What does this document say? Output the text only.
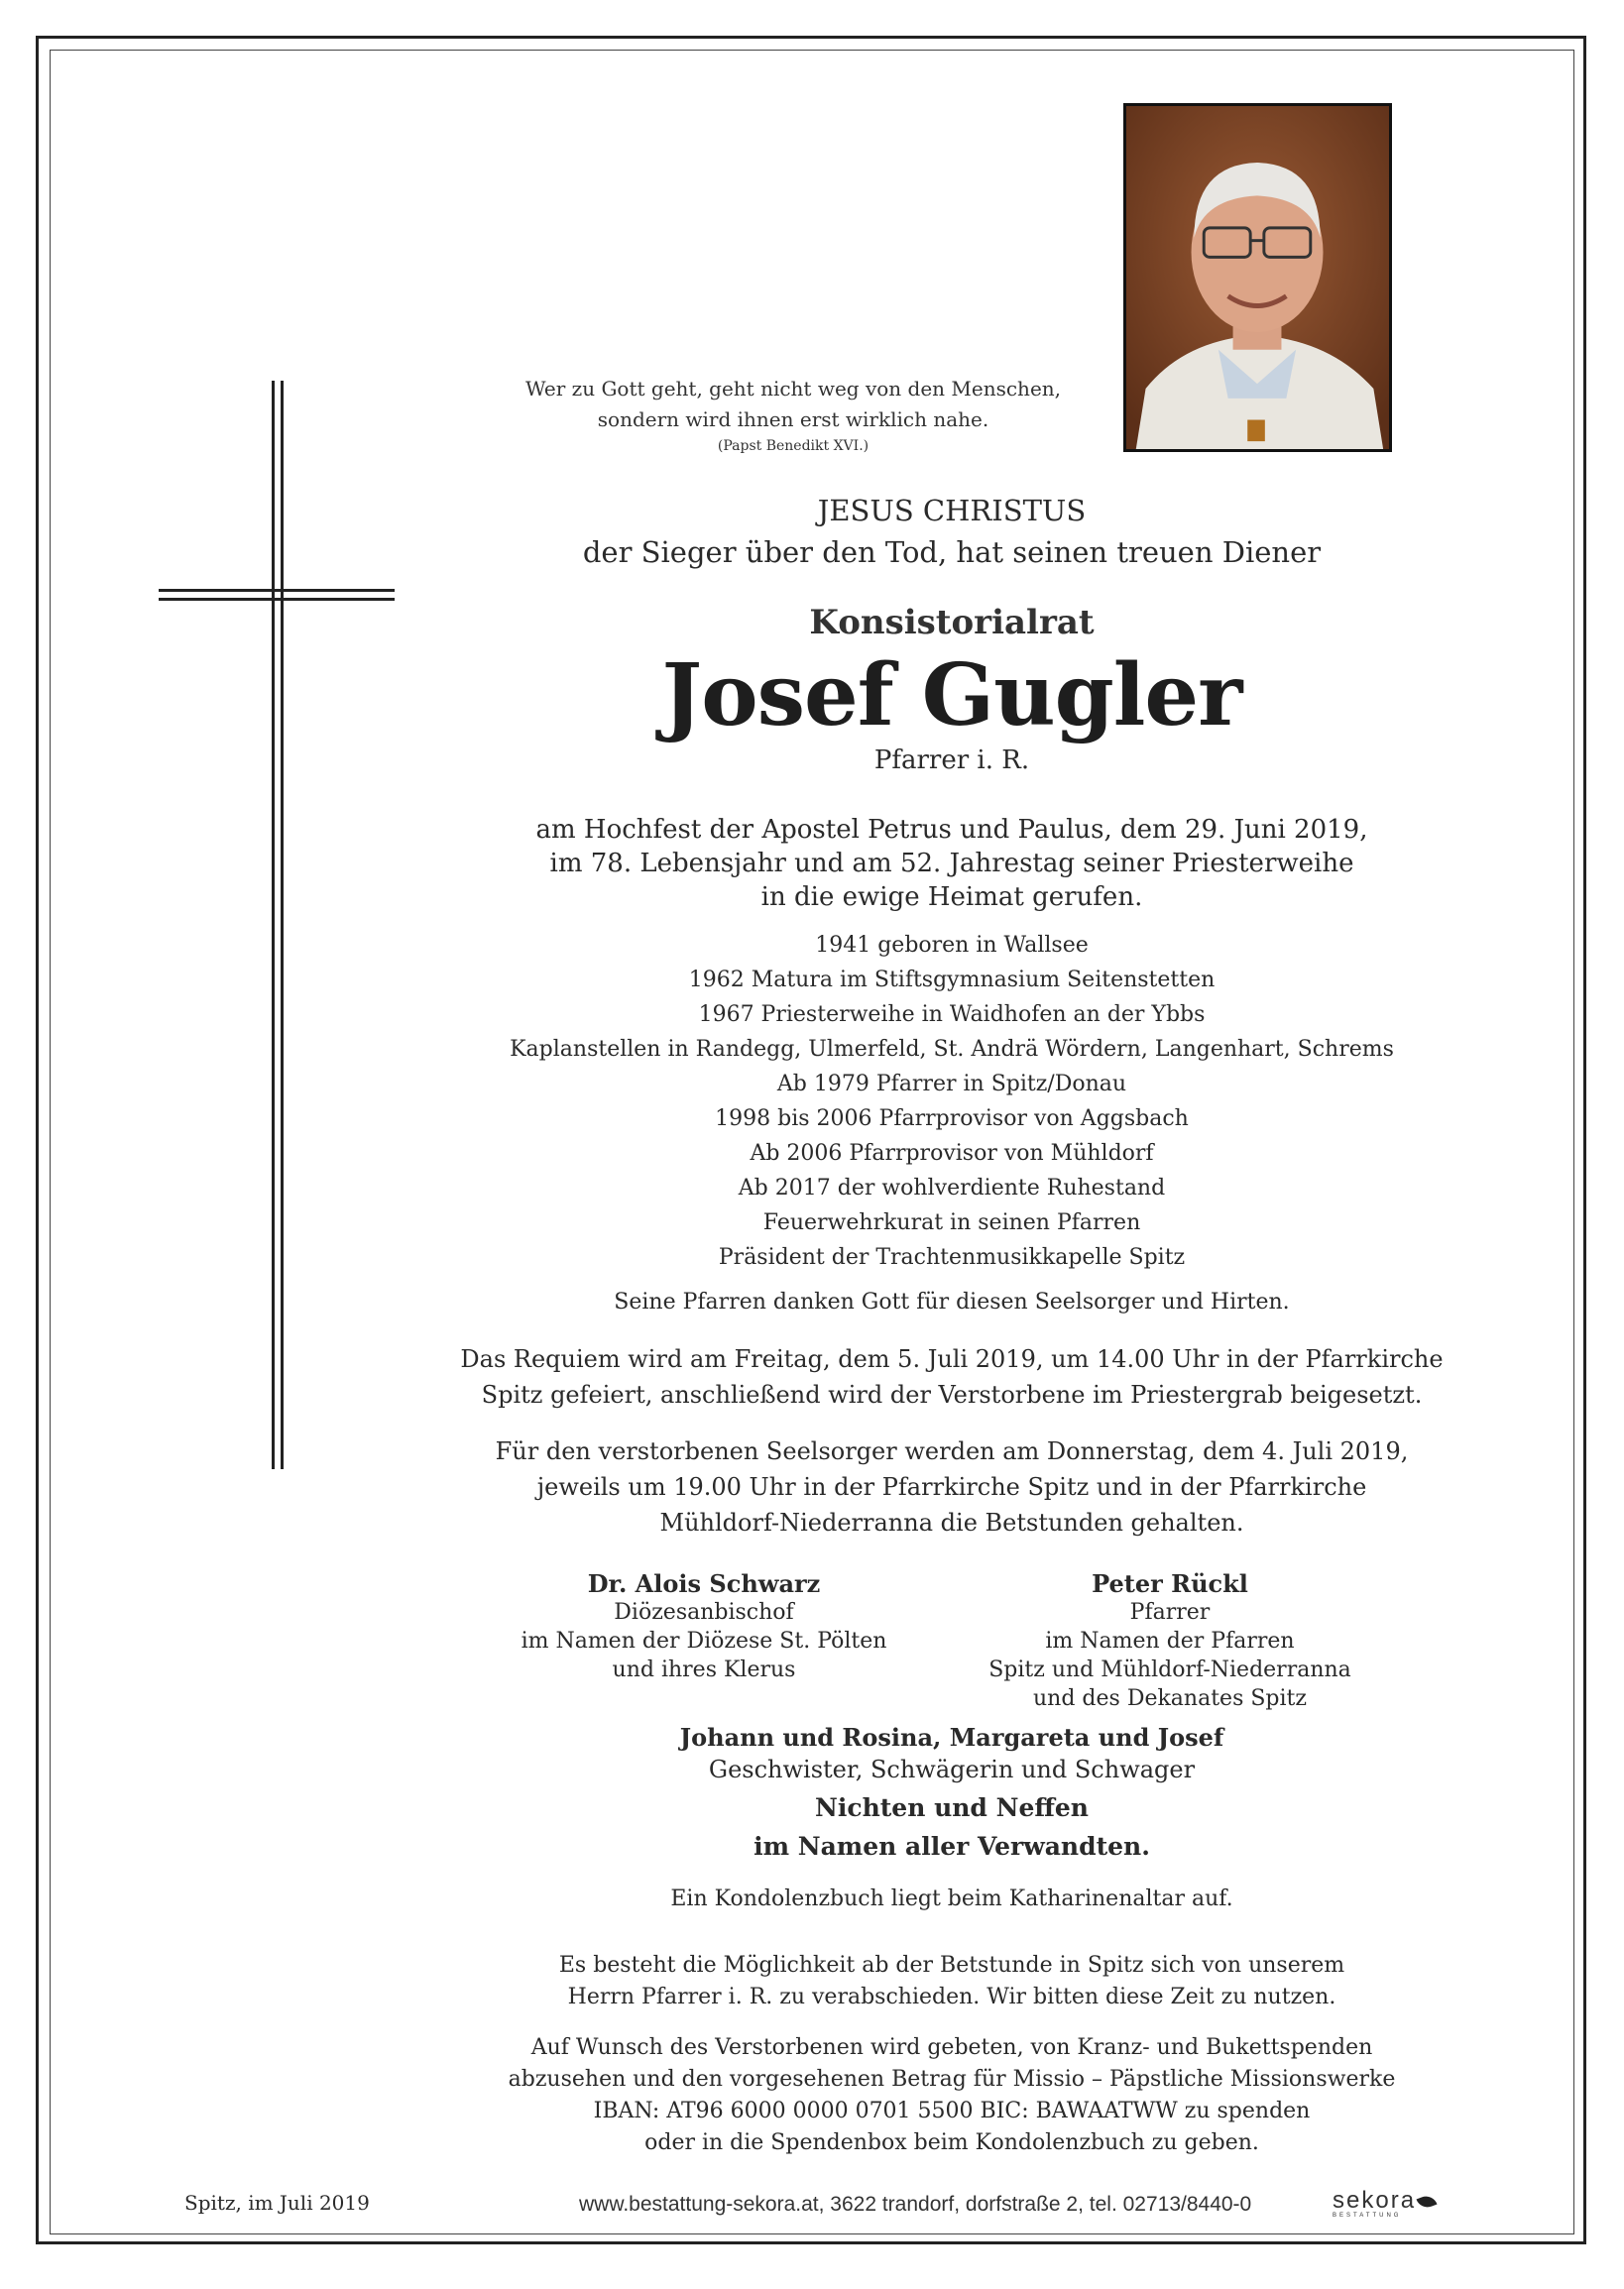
Wer zu Gott geht, geht nicht weg von den Menschen,
sondern wird ihnen erst wirklich nahe.
(Papst Benedikt XVI.)
JESUS CHRISTUS
der Sieger über den Tod, hat seinen treuen Diener
Konsistorialrat
Josef Gugler
Pfarrer i. R.
am Hochfest der Apostel Petrus und Paulus, dem 29. Juni 2019,
im 78. Lebensjahr und am 52. Jahrestag seiner Priesterweihe
in die ewige Heimat gerufen.
1941 geboren in Wallsee
1962 Matura im Stiftsgymnasium Seitenstetten
1967 Priesterweihe in Waidhofen an der Ybbs
Kaplanstellen in Randegg, Ulmerfeld, St. Andrä Wördern, Langenhart, Schrems
Ab 1979 Pfarrer in Spitz/Donau
1998 bis 2006 Pfarrprovisor von Aggsbach
Ab 2006 Pfarrprovisor von Mühldorf
Ab 2017 der wohlverdiente Ruhestand
Feuerwehrkurat in seinen Pfarren
Präsident der Trachtenmusikkapelle Spitz
Seine Pfarren danken Gott für diesen Seelsorger und Hirten.
Das Requiem wird am Freitag, dem 5. Juli 2019, um 14.00 Uhr in der Pfarrkirche
Spitz gefeiert, anschließend wird der Verstorbene im Priestergrab beigesetzt.
Für den verstorbenen Seelsorger werden am Donnerstag, dem 4. Juli 2019,
jeweils um 19.00 Uhr in der Pfarrkirche Spitz und in der Pfarrkirche
Mühldorf-Niederranna die Betstunden gehalten.
Dr. Alois Schwarz
Diözesanbischof
im Namen der Diözese St. Pölten
und ihres Klerus
Peter Rückl
Pfarrer
im Namen der Pfarren
Spitz und Mühldorf-Niederranna
und des Dekanates Spitz
Johann und Rosina, Margareta und Josef
Geschwister, Schwägerin und Schwager
Nichten und Neffen
im Namen aller Verwandten.
Ein Kondolenzbuch liegt beim Katharinenaltar auf.
Es besteht die Möglichkeit ab der Betstunde in Spitz sich von unserem
Herrn Pfarrer i. R. zu verabschieden. Wir bitten diese Zeit zu nutzen.
Auf Wunsch des Verstorbenen wird gebeten, von Kranz- und Bukettspenden
abzusehen und den vorgesehenen Betrag für Missio – Päpstliche Missionswerke
IBAN: AT96 6000 0000 0701 5500 BIC: BAWAATWW zu spenden
oder in die Spendenbox beim Kondolenzbuch zu geben.
Spitz, im Juli 2019	www.bestattung-sekora.at, 3622 trandorf, dorfstraße 2, tel. 02713/8440-0	sekora
BESTATTUNG
